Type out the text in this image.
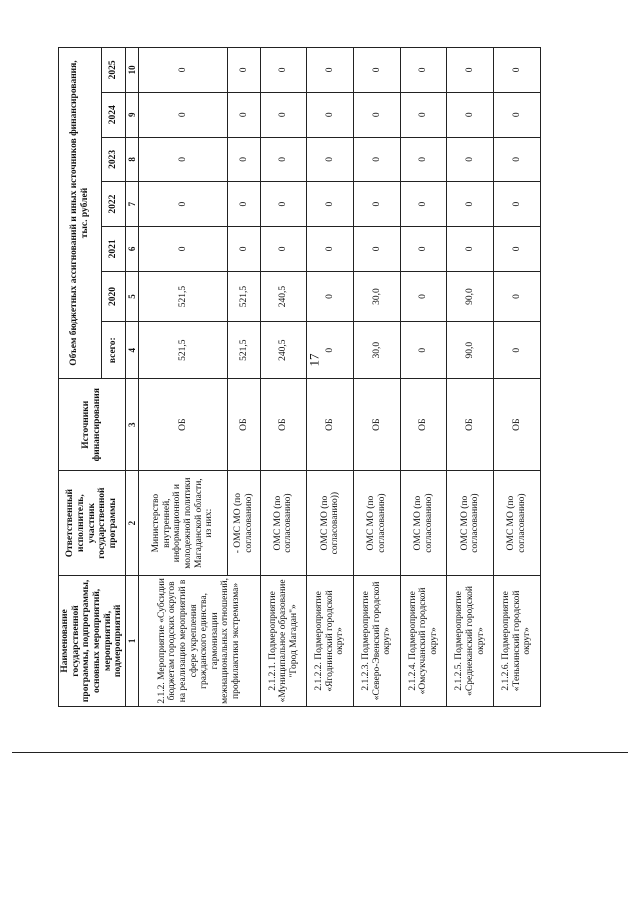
17
Наименование государственной программы, подпрограммы, основных мероприятий, мероприятий, подмероприятий	Ответственный исполнитель, участник государственной программы	Источники финансирования	Объем бюджетных ассигнований и иных источников финансирования, тыс. рублей						
			всего:	2020	2021	2022	2023	2024	2025
1	2	3	4	5	6	7	8	9	10
2.1.2. Мероприятие «Субсидии бюджетам городских округов на реализацию мероприятий в сфере укрепления гражданского единства, гармонизации межнациональных отношений, профилактики экстремизма»	Министерство внутренней, информационной и молодежной политики Магаданской области, из них:	ОБ	521,5	521,5	0	0	0	0	0
	- ОМС МО (по согласованию)	ОБ	521,5	521,5	0	0	0	0	0
2.1.2.1. Подмероприятие «Муниципальное образование "Город Магадан"»	ОМС МО (по согласованию)	ОБ	240,5	240,5	0	0	0	0	0
2.1.2.2. Подмероприятие «Ягоднинский городской округ»	ОМС МО (по согласованию))	ОБ	0	0	0	0	0	0	0
2.1.2.3. Подмероприятие «Северо-Эвенский городской округ»	ОМС МО (по согласованию)	ОБ	30,0	30,0	0	0	0	0	0
2.1.2.4. Подмероприятие «Омсукчанский городской округ»	ОМС МО (по согласованию)	ОБ	0	0	0	0	0	0	0
2.1.2.5. Подмероприятие «Среднеканский городской округ»	ОМС МО (по согласованию)	ОБ	90,0	90,0	0	0	0	0	0
2.1.2.6. Подмероприятие «Тенькинский городской округ»	ОМС МО (по согласованию)	ОБ	0	0	0	0	0	0	0
